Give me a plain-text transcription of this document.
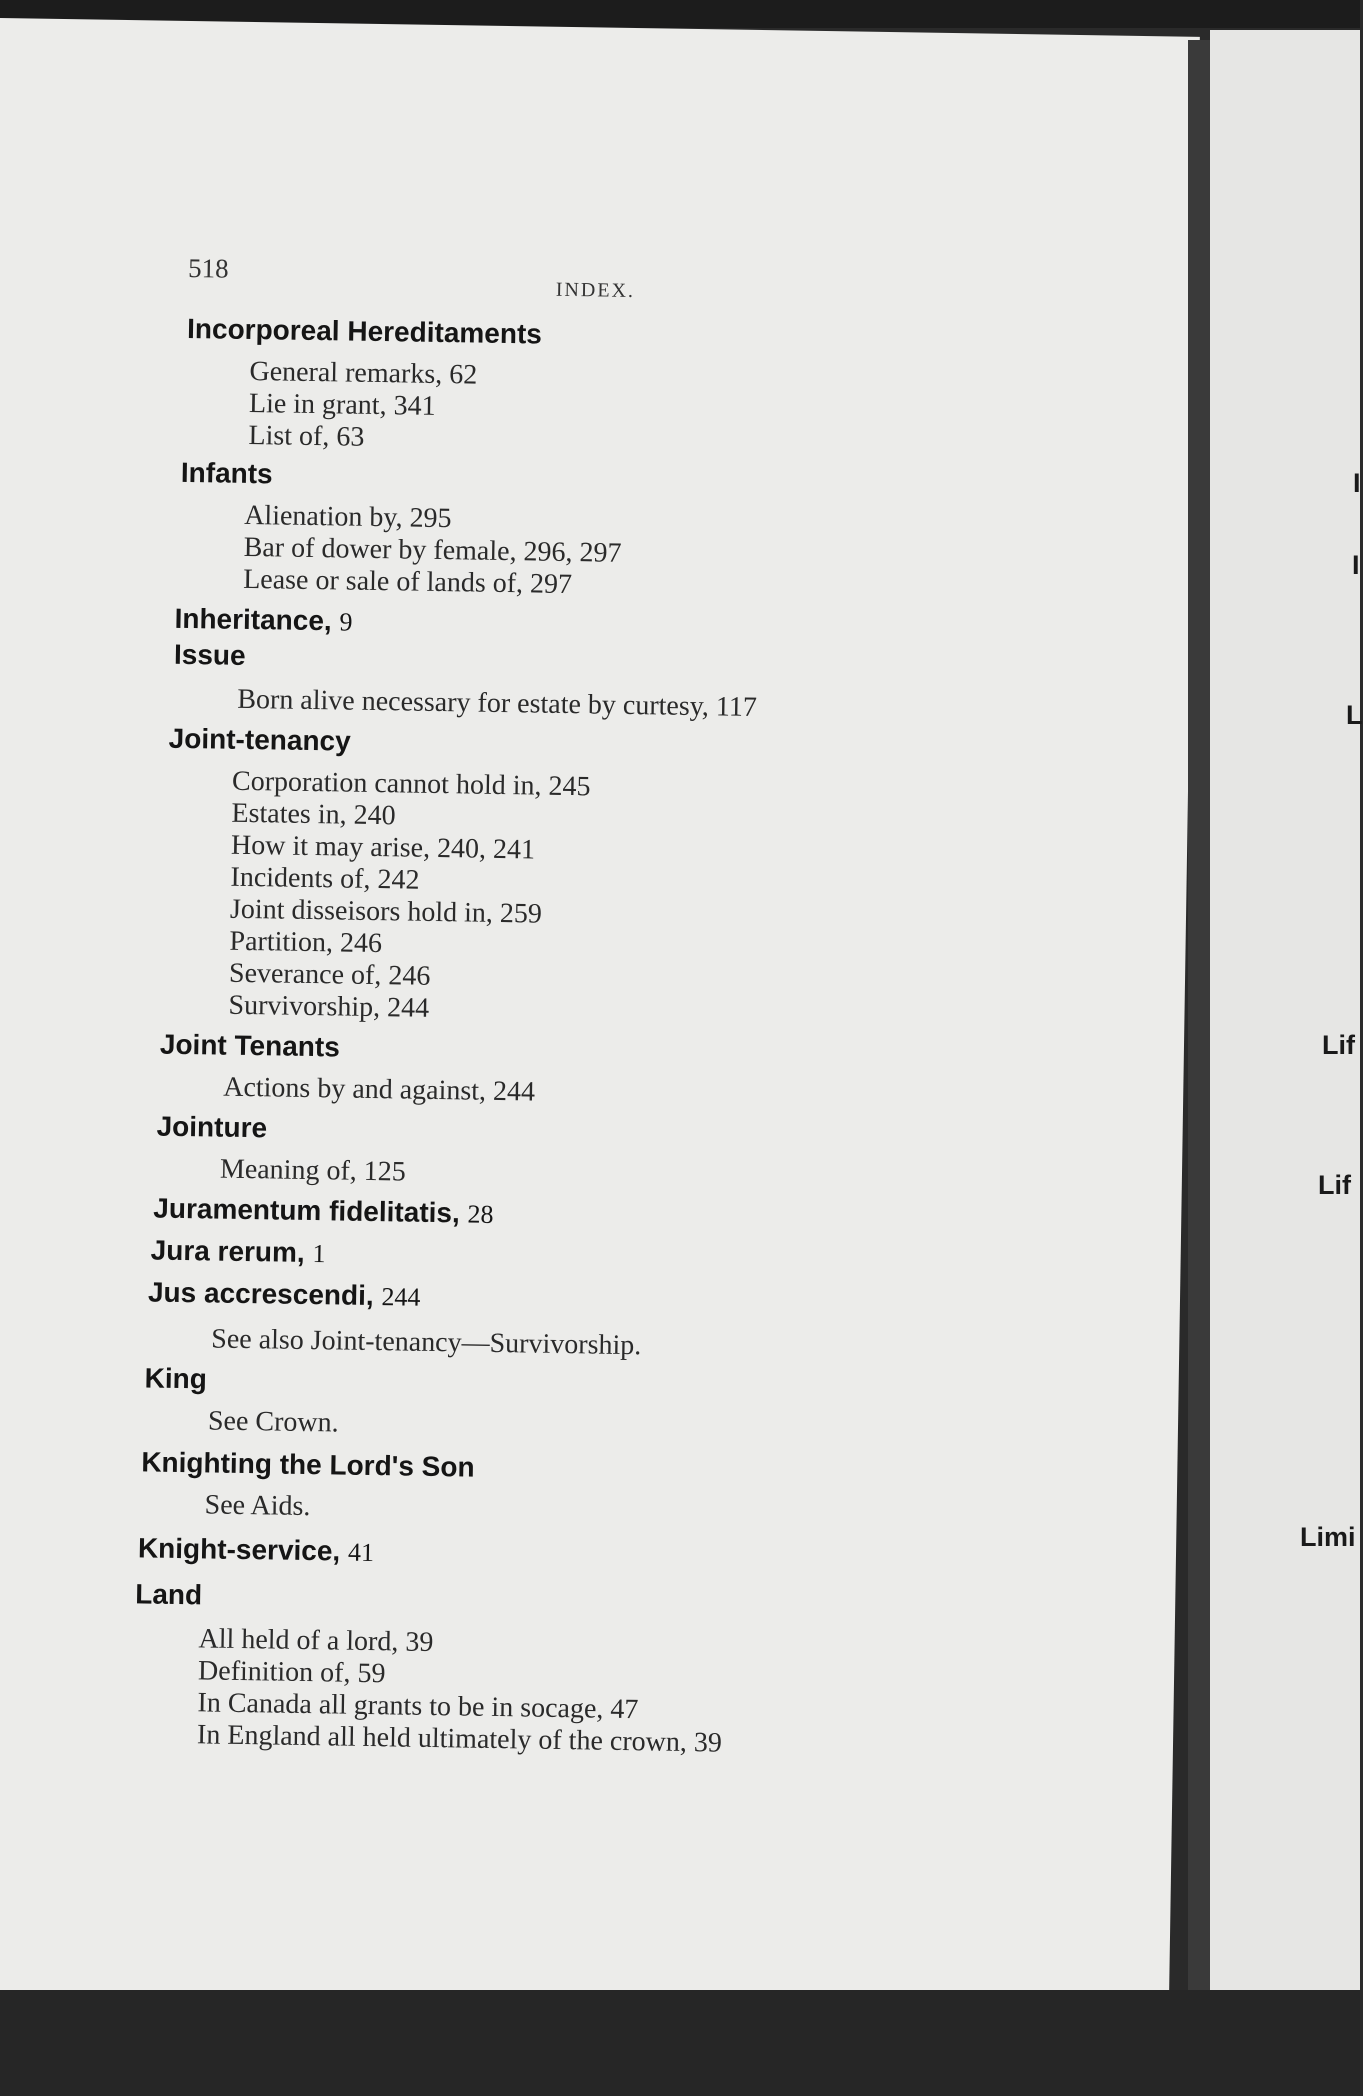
518
INDEX.
Incorporeal Hereditaments
General remarks, 62
Lie in grant, 341
List of, 63
Infants
Alienation by, 295
Bar of dower by female, 296, 297
Lease or sale of lands of, 297
Inheritance, 9
Issue
Born alive necessary for estate by curtesy, 117
Joint-tenancy
Corporation cannot hold in, 245
Estates in, 240
How it may arise, 240, 241
Incidents of, 242
Joint disseisors hold in, 259
Partition, 246
Severance of, 246
Survivorship, 244
Joint Tenants
Actions by and against, 244
Jointure
Meaning of, 125
Juramentum fidelitatis, 28
Jura rerum, 1
Jus accrescendi, 244
See also Joint-tenancy—Survivorship.
King
See Crown.
Knighting the Lord's Son
See Aids.
Knight-service, 41
Land
All held of a lord, 39
Definition of, 59
In Canada all grants to be in socage, 47
In England all held ultimately of the crown, 39
I
I
L
Lif
Lif
Limi
